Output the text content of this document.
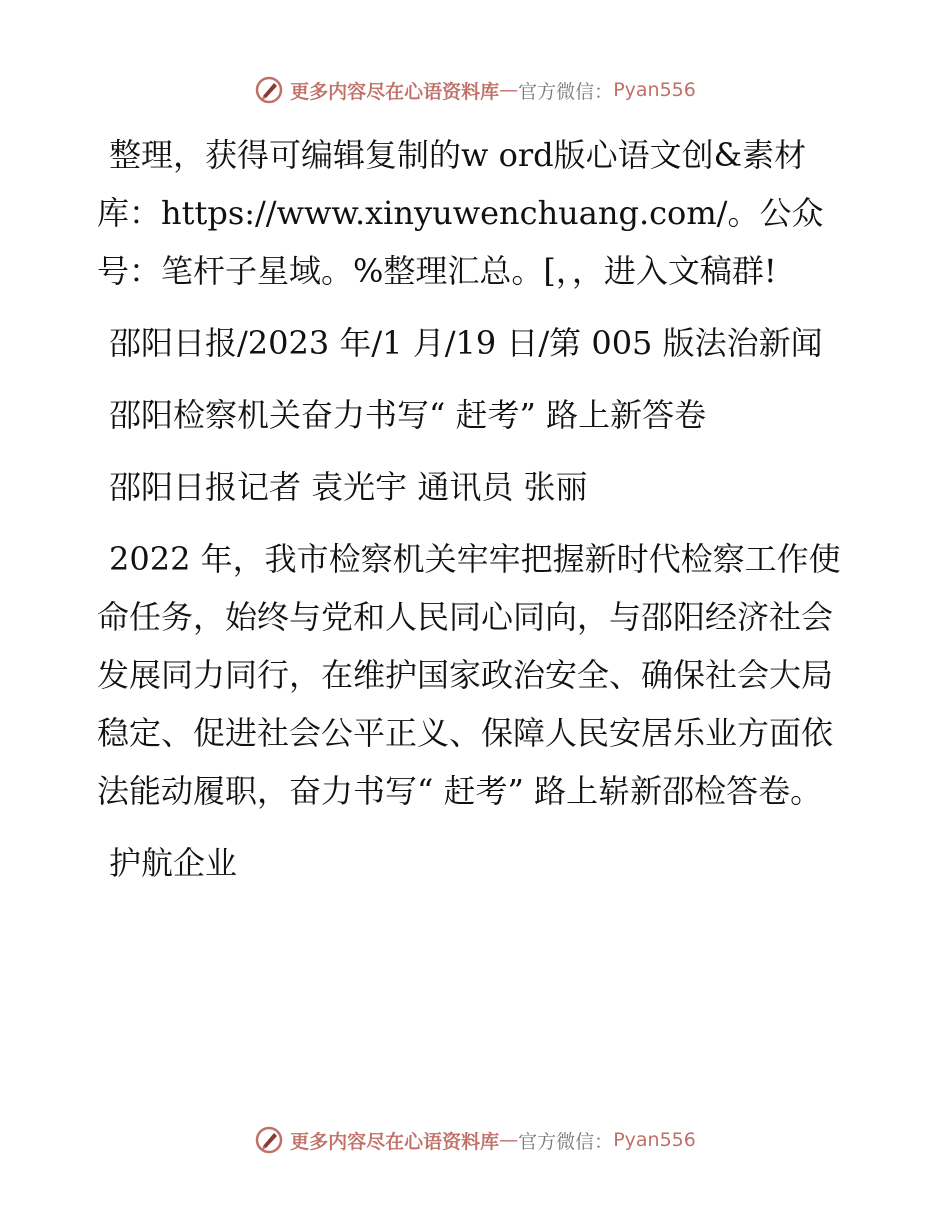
更多内容尽在心语资料库 — 官方微信： Pyan556

整理，获得可编辑复制的w ord版心语文创&素材库：https://www.xinyuwenchuang.com/。公众号：笔杆子星域。%整理汇总。[，，进入文稿群!

邵阳日报/2023 年/1 月/19 日/第 005 版法治新闻

邵阳检察机关奋力书写“ 赶考” 路上新答卷

邵阳日报记者 袁光宇 通讯员 张丽

2022 年，我市检察机关牢牢把握新时代检察工作使命任务，始终与党和人民同心同向，与邵阳经济社会发展同力同行，在维护国家政治安全、确保社会大局稳定、促进社会公平正义、保障人民安居乐业方面依法能动履职，奋力书写“ 赶考” 路上崭新邵检答卷。

护航企业

更多内容尽在心语资料库 — 官方微信： Pyan556
